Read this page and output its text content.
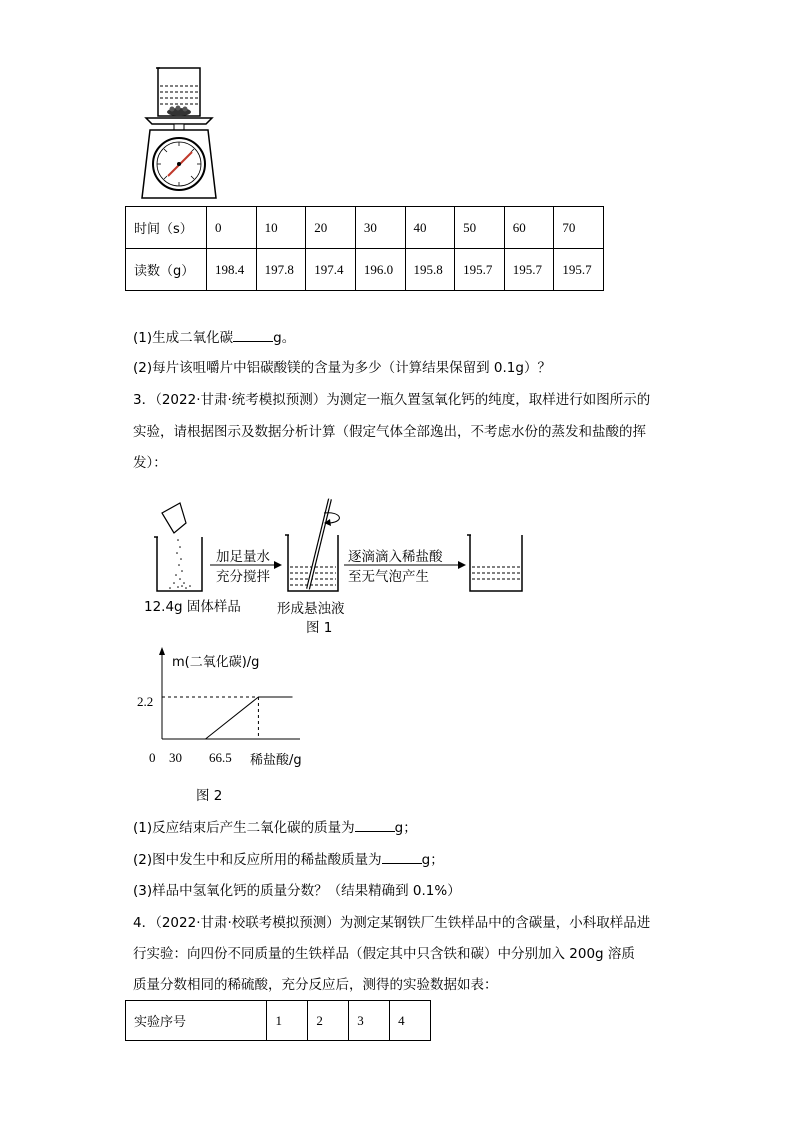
时间（s）	0	10	20	30	40	50	60	70
读数（g）	198.4	197.8	197.4	196.0	195.8	195.7	195.7	195.7
(1)生成二氧化碳	g。
(2)每片该咀嚼片中铝碳酸镁的含量为多少（计算结果保留到 0.1g）？
3．（2022·甘肃·统考模拟预测）为测定一瓶久置氢氧化钙的纯度，取样进行如图所示的
实验，请根据图示及数据分析计算（假定气体全部逸出，不考虑水份的蒸发和盐酸的挥
发）：
加足量水
充分搅拌
逐滴滴入稀盐酸
至无气泡产生
12.4g 固体样品	形成悬浊液
图 1
m(二氧化碳)/g
2.2
0 30 66.5 稀盐酸/g
图 2
(1)反应结束后产生二氧化碳的质量为	g；
(2)图中发生中和反应所用的稀盐酸质量为	g；
(3)样品中氢氧化钙的质量分数？（结果精确到 0.1%）
4．（2022·甘肃·校联考模拟预测）为测定某钢铁厂生铁样品中的含碳量，小科取样品进
行实验：向四份不同质量的生铁样品（假定其中只含铁和碳）中分别加入 200g 溶质
质量分数相同的稀硫酸，充分反应后，测得的实验数据如表：
实验序号	1	2	3	4
